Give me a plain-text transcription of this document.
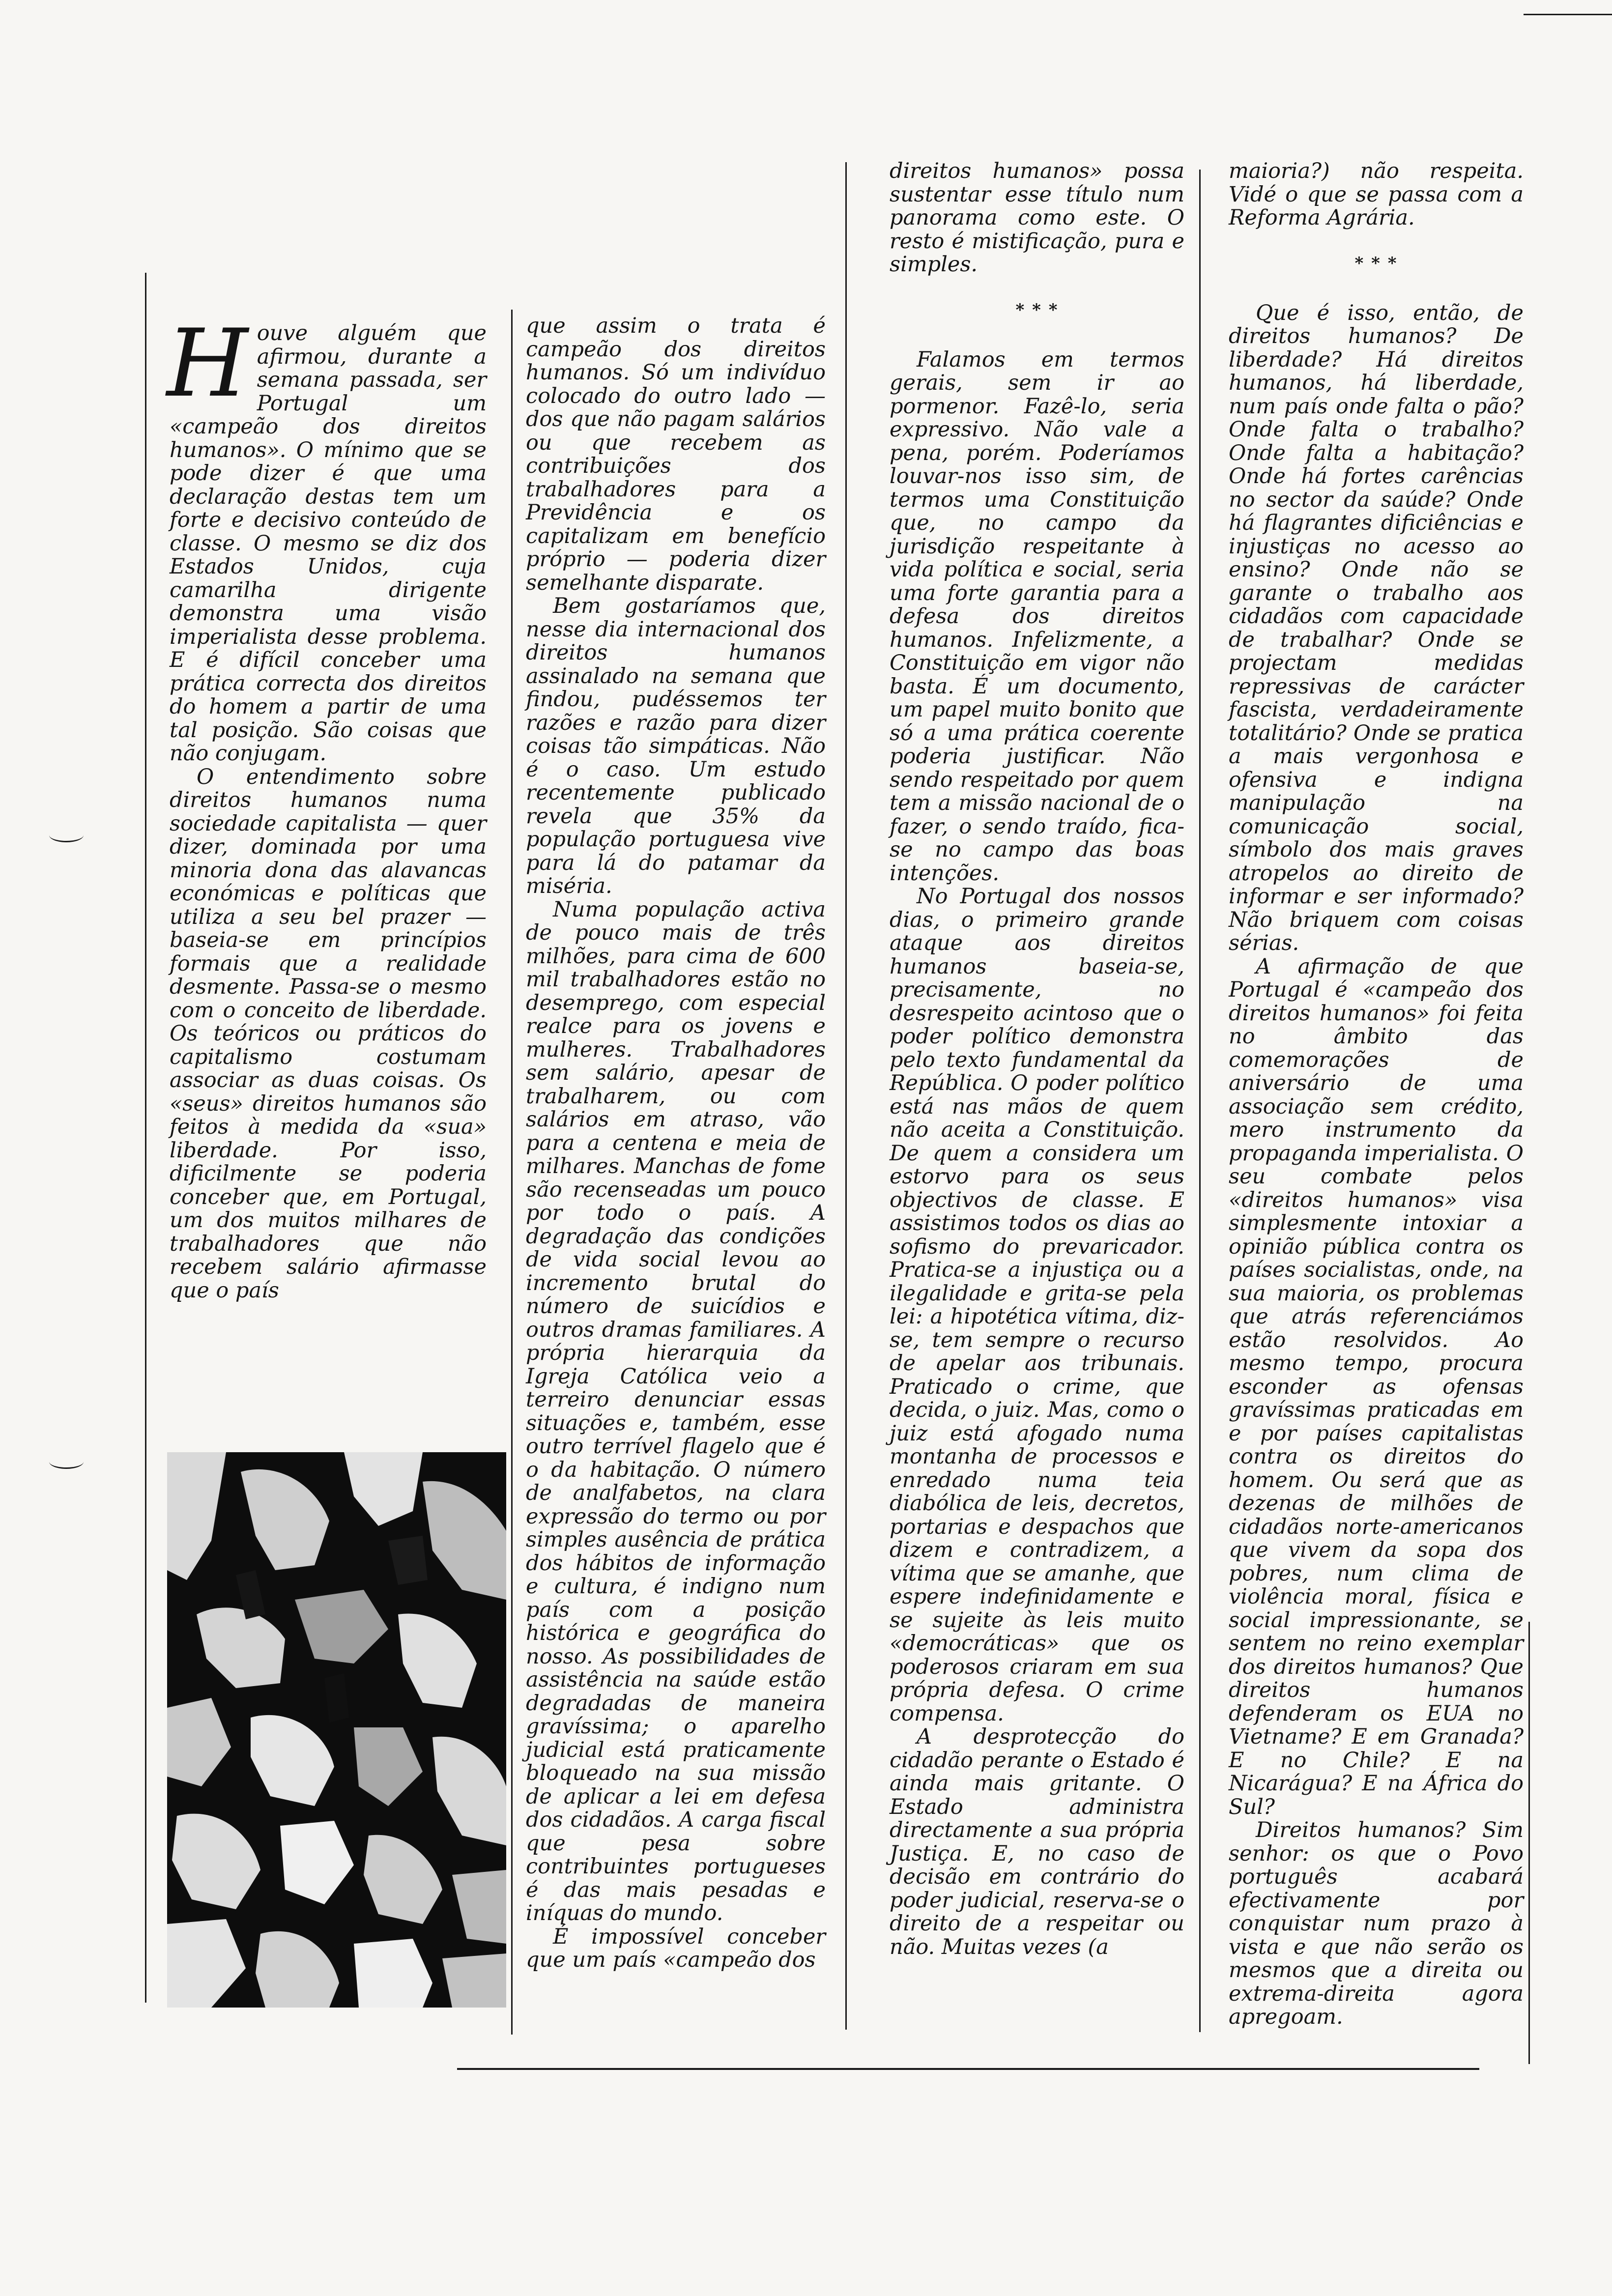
Houve alguém que afirmou, durante a semana passada, ser Portugal um «campeão dos direitos humanos». O mínimo que se pode dizer é que uma declaração destas tem um forte e decisivo conteúdo de classe. O mesmo se diz dos Estados Unidos, cuja camarilha dirigente demonstra uma visão imperialista desse problema. E é difícil conceber uma prática correcta dos direitos do homem a partir de uma tal posição. São coisas que não conjugam.

O entendimento sobre direitos humanos numa sociedade capitalista — quer dizer, dominada por uma minoria dona das alavancas económicas e políticas que utiliza a seu bel prazer — baseia-se em princípios formais que a realidade desmente. Passa-se o mesmo com o conceito de liberdade. Os teóricos ou práticos do capitalismo costumam associar as duas coisas. Os «seus» direitos humanos são feitos à medida da «sua» liberdade. Por isso, dificilmente se poderia conceber que, em Portugal, um dos muitos milhares de trabalhadores que não recebem salário afirmasse que o país

que assim o trata é campeão dos direitos humanos. Só um indivíduo colocado do outro lado — dos que não pagam salários ou que recebem as contribuições dos trabalhadores para a Previdência e os capitalizam em benefício próprio — poderia dizer semelhante disparate.

Bem gostaríamos que, nesse dia internacional dos direitos humanos assinalado na semana que findou, pudéssemos ter razões e razão para dizer coisas tão simpáticas. Não é o caso. Um estudo recentemente publicado revela que 35% da população portuguesa vive para lá do patamar da miséria.

Numa população activa de pouco mais de três milhões, para cima de 600 mil trabalhadores estão no desemprego, com especial realce para os jovens e mulheres. Trabalhadores sem salário, apesar de trabalharem, ou com salários em atraso, vão para a centena e meia de milhares. Manchas de fome são recenseadas um pouco por todo o país. A degradação das condições de vida social levou ao incremento brutal do número de suicídios e outros dramas familiares. A própria hierarquia da Igreja Católica veio a terreiro denunciar essas situações e, também, esse outro terrível flagelo que é o da habitação. O número de analfabetos, na clara expressão do termo ou por simples ausência de prática dos hábitos de informação e cultura, é indigno num país com a posição histórica e geográfica do nosso. As possibilidades de assistência na saúde estão degradadas de maneira gravíssima; o aparelho judicial está praticamente bloqueado na sua missão de aplicar a lei em defesa dos cidadãos. A carga fiscal que pesa sobre contribuintes portugueses é das mais pesadas e iníquas do mundo.

É impossível conceber que um país «campeão dos

direitos humanos» possa sustentar esse título num panorama como este. O resto é mistificação, pura e simples.

* * *

Falamos em termos gerais, sem ir ao pormenor. Fazê-lo, seria expressivo. Não vale a pena, porém. Poderíamos louvar-nos isso sim, de termos uma Constituição que, no campo da jurisdição respeitante à vida política e social, seria uma forte garantia para a defesa dos direitos humanos. Infelizmente, a Constituição em vigor não basta. É um documento, um papel muito bonito que só a uma prática coerente poderia justificar. Não sendo respeitado por quem tem a missão nacional de o fazer, o sendo traído, fica-se no campo das boas intenções.

No Portugal dos nossos dias, o primeiro grande ataque aos direitos humanos baseia-se, precisamente, no desrespeito acintoso que o poder político demonstra pelo texto fundamental da República. O poder político está nas mãos de quem não aceita a Constituição. De quem a considera um estorvo para os seus objectivos de classe. E assistimos todos os dias ao sofismo do prevaricador. Pratica-se a injustiça ou a ilegalidade e grita-se pela lei: a hipotética vítima, diz-se, tem sempre o recurso de apelar aos tribunais. Praticado o crime, que decida, o juiz. Mas, como o juiz está afogado numa montanha de processos e enredado numa teia diabólica de leis, decretos, portarias e despachos que dizem e contradizem, a vítima que se amanhe, que espere indefinidamente e se sujeite às leis muito «democráticas» que os poderosos criaram em sua própria defesa. O crime compensa.

A desprotecção do cidadão perante o Estado é ainda mais gritante. O Estado administra directamente a sua própria Justiça. E, no caso de decisão em contrário do poder judicial, reserva-se o direito de a respeitar ou não. Muitas vezes (a

maioria?) não respeita. Vidé o que se passa com a Reforma Agrária.

* * *

Que é isso, então, de direitos humanos? De liberdade? Há direitos humanos, há liberdade, num país onde falta o pão? Onde falta o trabalho? Onde falta a habitação? Onde há fortes carências no sector da saúde? Onde há flagrantes dificiências e injustiças no acesso ao ensino? Onde não se garante o trabalho aos cidadãos com capacidade de trabalhar? Onde se projectam medidas repressivas de carácter fascista, verdadeiramente totalitário? Onde se pratica a mais vergonhosa e ofensiva e indigna manipulação na comunicação social, símbolo dos mais graves atropelos ao direito de informar e ser informado? Não briquem com coisas sérias.

A afirmação de que Portugal é «campeão dos direitos humanos» foi feita no âmbito das comemorações de aniversário de uma associação sem crédito, mero instrumento da propaganda imperialista. O seu combate pelos «direitos humanos» visa simplesmente intoxiar a opinião pública contra os países socialistas, onde, na sua maioria, os problemas que atrás referenciámos estão resolvidos. Ao mesmo tempo, procura esconder as ofensas gravíssimas praticadas em e por países capitalistas contra os direitos do homem. Ou será que as dezenas de milhões de cidadãos norte-americanos que vivem da sopa dos pobres, num clima de violência moral, física e social impressionante, se sentem no reino exemplar dos direitos humanos? Que direitos humanos defenderam os EUA no Vietname? E em Granada? E no Chile? E na Nicarágua? E na África do Sul?

Direitos humanos? Sim senhor: os que o Povo português acabará efectivamente por conquistar num prazo à vista e que não serão os mesmos que a direita ou extrema-direita agora apregoam.
